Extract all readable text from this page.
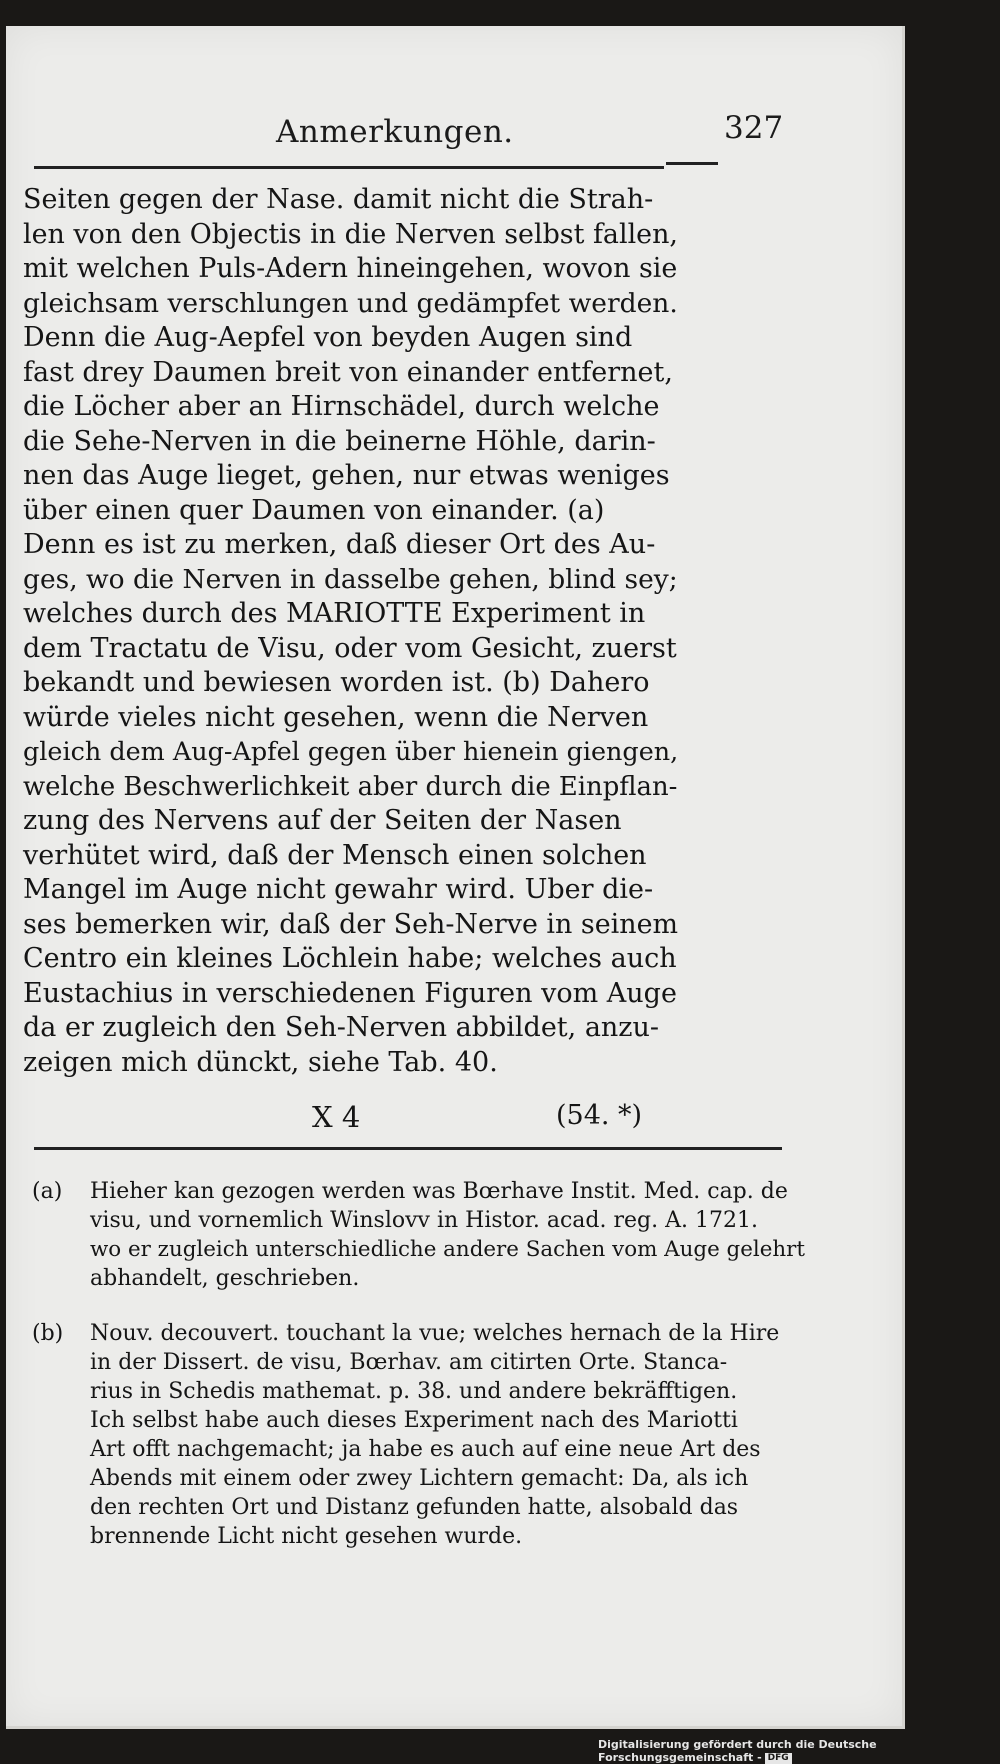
Anmerkungen.	327
Seiten gegen der Nase. damit nicht die Strah-
len von den Objectis in die Nerven selbst fallen,
mit welchen Puls-Adern hineingehen, wovon sie
gleichsam verschlungen und gedämpfet werden.
Denn die Aug-Aepfel von beyden Augen sind
fast drey Daumen breit von einander entfernet,
die Löcher aber an Hirnschädel, durch welche
die Sehe-Nerven in die beinerne Höhle, darin-
nen das Auge lieget, gehen, nur etwas weniges
über einen quer Daumen von einander. (a)
Denn es ist zu merken, daß dieser Ort des Au-
ges, wo die Nerven in dasselbe gehen, blind sey;
welches durch des MARIOTTE Experiment in
dem Tractatu de Visu, oder vom Gesicht, zuerst
bekandt und bewiesen worden ist. (b) Dahero
würde vieles nicht gesehen, wenn die Nerven
gleich dem Aug-Apfel gegen über hienein giengen,
welche Beschwerlichkeit aber durch die Einpflan-
zung des Nervens auf der Seiten der Nasen
verhütet wird, daß der Mensch einen solchen
Mangel im Auge nicht gewahr wird. Uber die-
ses bemerken wir, daß der Seh-Nerve in seinem
Centro ein kleines Löchlein habe; welches auch
Eustachius in verschiedenen Figuren vom Auge
da er zugleich den Seh-Nerven abbildet, anzu-
zeigen mich dünckt, siehe Tab. 40.
X 4	(54. *)
(a) Hieher kan gezogen werden was Bœrhave Instit. Med. cap. de
visu, und vornemlich Winslovv in Histor. acad. reg. A. 1721.
wo er zugleich unterschiedliche andere Sachen vom Auge gelehrt
abhandelt, geschrieben.
(b) Nouv. decouvert. touchant la vue; welches hernach de la Hire
in der Dissert. de visu, Bœrhav. am citirten Orte. Stanca-
rius in Schedis mathemat. p. 38. und andere bekräfftigen.
Ich selbst habe auch dieses Experiment nach des Mariotti
Art offt nachgemacht; ja habe es auch auf eine neue Art des
Abends mit einem oder zwey Lichtern gemacht: Da, als ich
den rechten Ort und Distanz gefunden hatte, alsobald das
brennende Licht nicht gesehen wurde.
Digitalisierung gefördert durch die Deutsche Forschungsgemeinschaft - DFG
